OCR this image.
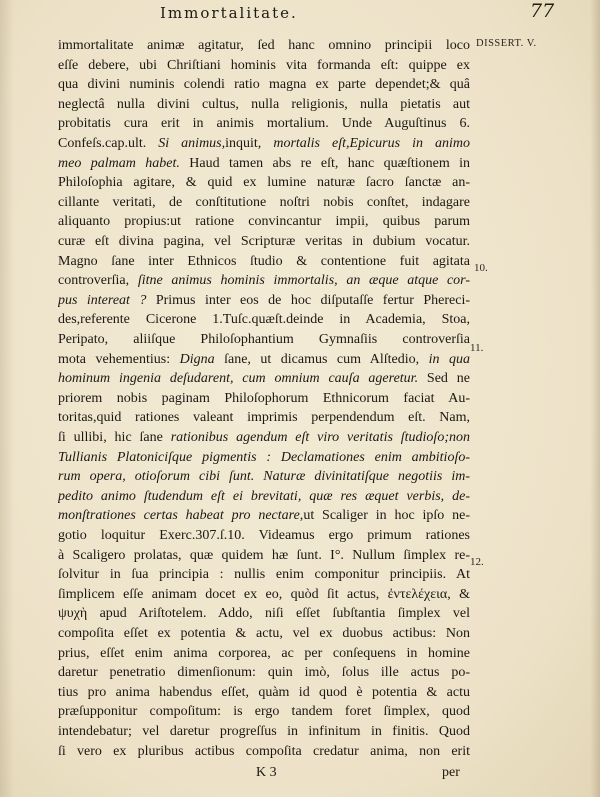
Immortalitate.	77
DISSERT. V.
10.
11.
12.
immortalitate animæ agitatur, ſed hanc omnino principii loco
eſſe debere, ubi Chriſtiani hominis vita formanda eſt: quippe ex
qua divini numinis colendi ratio magna ex parte dependet;& quâ
neglectâ nulla divini cultus, nulla religionis, nulla pietatis aut
probitatis cura erit in animis mortalium. Unde Auguſtinus 6.
Confeſs.cap.ult. Si animus,inquit, mortalis eſt,Epicurus in animo
meo palmam habet. Haud tamen abs re eſt, hanc quæſtionem in
Philoſophia agitare, & quid ex lumine naturæ ſacro ſanctæ an-
cillante veritati, de conſtitutione noſtri nobis conſtet, indagare
aliquanto propius:ut ratione convincantur impii, quibus parum
curæ eſt divina pagina, vel Scripturæ veritas in dubium vocatur.
Magno ſane inter Ethnicos ſtudio & contentione fuit agitata
controverſia, ſitne animus hominis immortalis, an æque atque cor-
pus intereat ? Primus inter eos de hoc diſputaſſe fertur Phereci-
des,referente Cicerone 1.Tuſc.quæſt.deinde in Academia, Stoa,
Peripato, aliiſque Philoſophantium Gymnaſiis controverſia
mota vehementius: Digna ſane, ut dicamus cum Alſtedio, in qua
hominum ingenia deſudarent, cum omnium cauſa ageretur. Sed ne
priorem nobis paginam Philoſophorum Ethnicorum faciat Au-
toritas,quid rationes valeant imprimis perpendendum eſt. Nam,
ſi ullibi, hic ſane rationibus agendum eſt viro veritatis ſtudioſo;non
Tullianis Platoniciſque pigmentis : Declamationes enim ambitioſo-
rum opera, otioſorum cibi ſunt. Naturæ divinitatiſque negotiis im-
pedito animo ſtudendum eſt ei brevitati, quæ res æquet verbis, de-
monſtrationes certas habeat pro nectare,ut Scaliger in hoc ipſo ne-
gotio loquitur Exerc.307.ſ.10. Videamus ergo primum rationes
à Scaligero prolatas, quæ quidem hæ ſunt. I°. Nullum ſimplex re-
ſolvitur in ſua principia : nullis enim componitur principiis. At
ſimplicem eſſe animam docet ex eo, quòd ſit actus, ἐντελέχεια, &
ψυχὴ apud Ariſtotelem. Addo, niſi eſſet ſubſtantia ſimplex vel
compoſita eſſet ex potentia & actu, vel ex duobus actibus: Non
prius, eſſet enim anima corporea, ac per conſequens in homine
daretur penetratio dimenſionum: quin imò, ſolus ille actus po-
tius pro anima habendus eſſet, quàm id quod è potentia & actu
præſupponitur compoſitum: is ergo tandem foret ſimplex, quod
intendebatur; vel daretur progreſſus in infinitum in finitis. Quod
ſi vero ex pluribus actibus compoſita credatur anima, non erit
K 3	per
